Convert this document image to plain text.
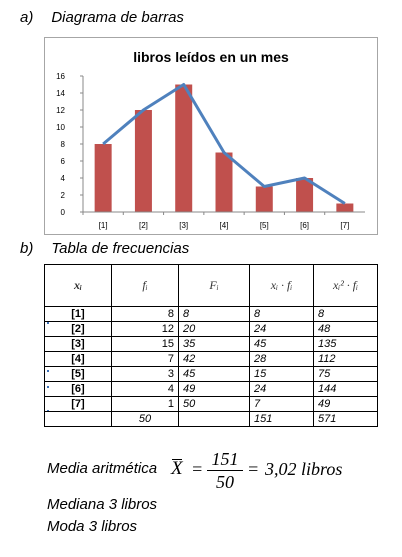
a) Diagrama de barras
libros leídos en un mes
0
2
4
6
8
10
12
14
16
[1]	[2]	[3]	[4]	[5]	[6]	[7]
b) Tabla de frecuencias
xᵢ	fᵢ	Fᵢ	xᵢ · fᵢ	xᵢ² · fᵢ
[1]	8	8	8	8
[2]	12	20	24	48
[3]	15	35	45	135
[4]	7	42	28	112
[5]	3	45	15	75
[6]	4	49	24	144
[7]	1	50	7	49
	50		151	571
Media aritmética $X = \frac{151}{50} = 3,02$ libros
Mediana 3 libros
Moda 3 libros
